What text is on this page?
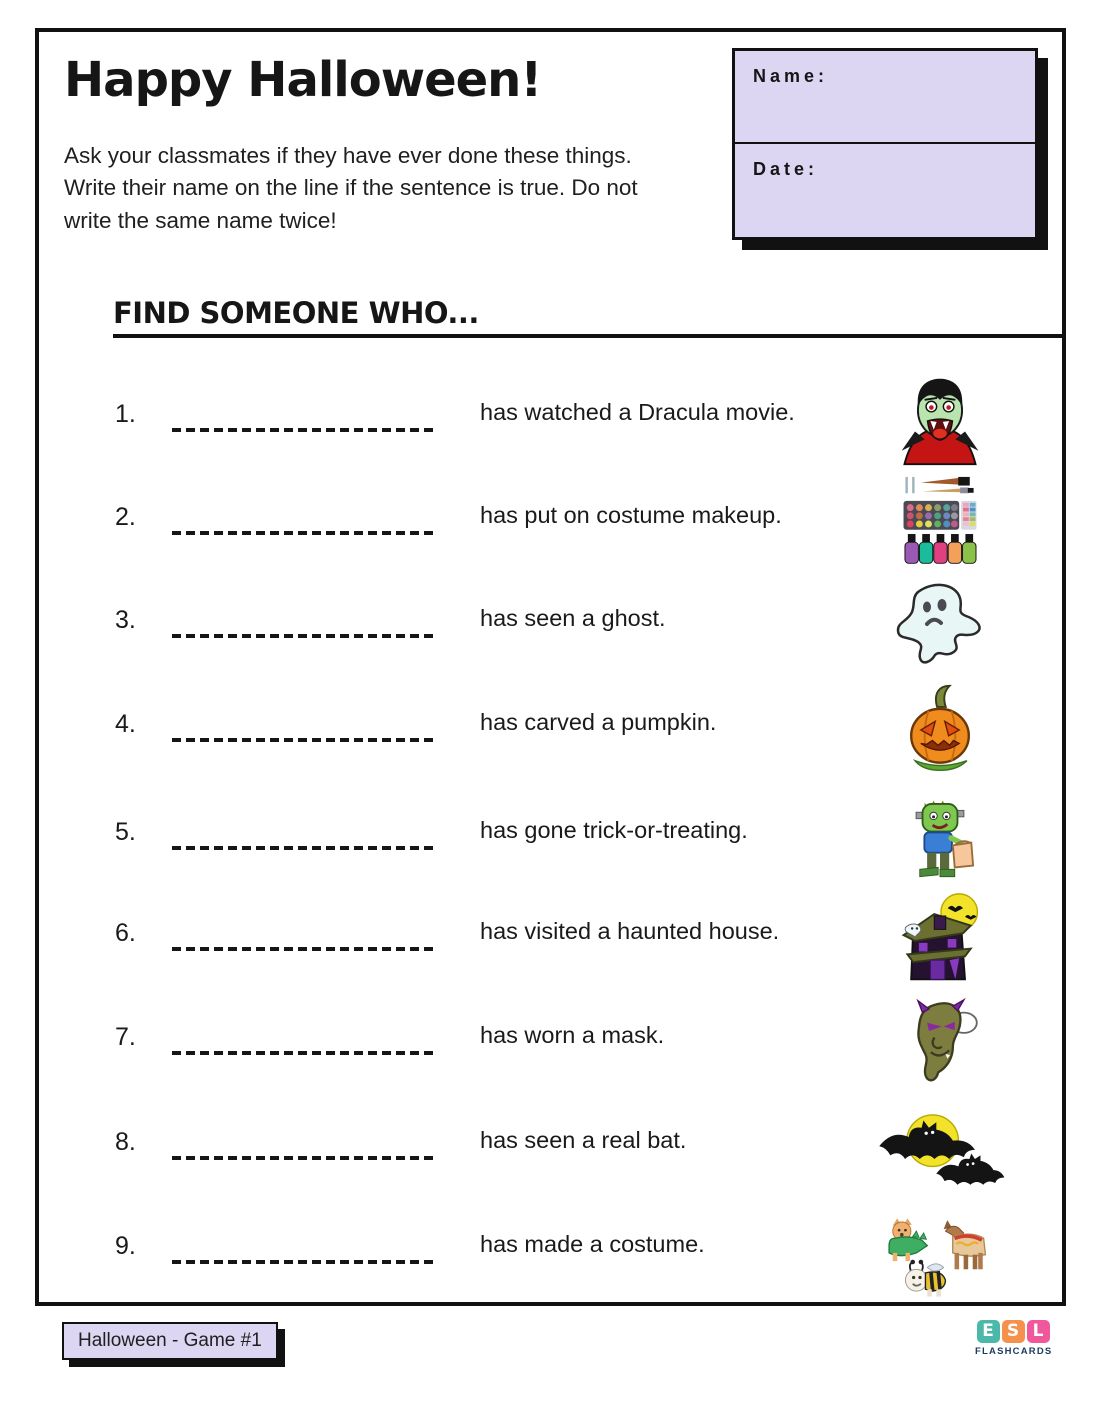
Happy Halloween!
Ask your classmates if they have ever done these things. Write their name on the line if the sentence is true. Do not write the same name twice!
Name:
Date:
FIND SOMEONE WHO...
1.	has watched a Dracula movie.
2.	has put on costume makeup.
3.	has seen a ghost.
4.	has carved a pumpkin.
5.	has gone trick-or-treating.
6.	has visited a haunted house.
7.	has worn a mask.
8.	has seen a real bat.
9.	has made a costume.
Halloween - Game #1	E S L
FLASHCARDS
